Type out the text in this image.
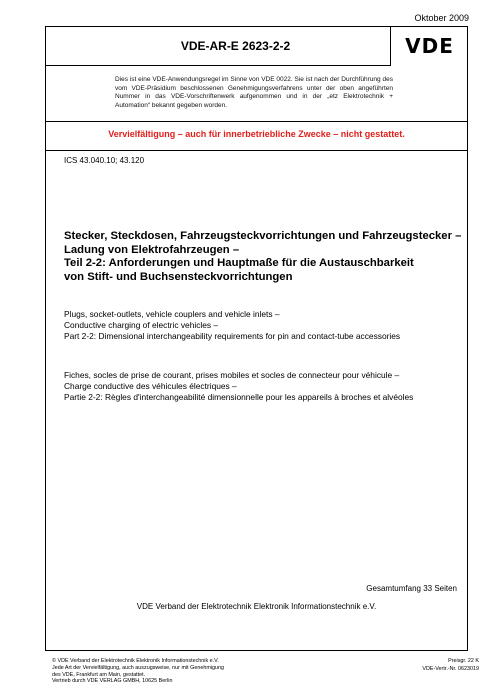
Oktober 2009
VDE-AR-E 2623-2-2	VDE
Dies ist eine VDE-Anwendungsregel im Sinne von VDE 0022. Sie ist nach der Durchführung des vom VDE-Präsidium beschlossenen Genehmigungsverfahrens unter der oben angeführten Nummer in das VDE-Vorschriftenwerk aufgenommen und in der „etz Elektrotechnik + Automation“ bekannt gegeben worden.
Vervielfältigung – auch für innerbetriebliche Zwecke – nicht gestattet.
ICS 43.040.10; 43.120
Stecker, Steckdosen, Fahrzeugsteckvorrichtungen und Fahrzeugstecker –
Ladung von Elektrofahrzeugen –
Teil 2-2: Anforderungen und Hauptmaße für die Austauschbarkeit
von Stift- und Buchsensteckvorrichtungen
Plugs, socket-outlets, vehicle couplers and vehicle inlets –
Conductive charging of electric vehicles –
Part 2-2: Dimensional interchangeability requirements for pin and contact-tube accessories
Fiches, socles de prise de courant, prises mobiles et socles de connecteur pour véhicule –
Charge conductive des véhicules électriques –
Partie 2-2: Règles d'interchangeabilité dimensionnelle pour les appareils à broches et alvéoles
Gesamtumfang 33 Seiten
VDE Verband der Elektrotechnik Elektronik Informationstechnik e.V.
© VDE Verband der Elektrotechnik Elektronik Informationstechnik e.V.
Jede Art der Vervielfältigung, auch auszugsweise, nur mit Genehmigung
des VDE, Frankfurt am Main, gestattet.
Vertrieb durch VDE VERLAG GMBH, 10625 Berlin
Preisgr. 22 K
VDE-Vertr.-Nr. 0623019
